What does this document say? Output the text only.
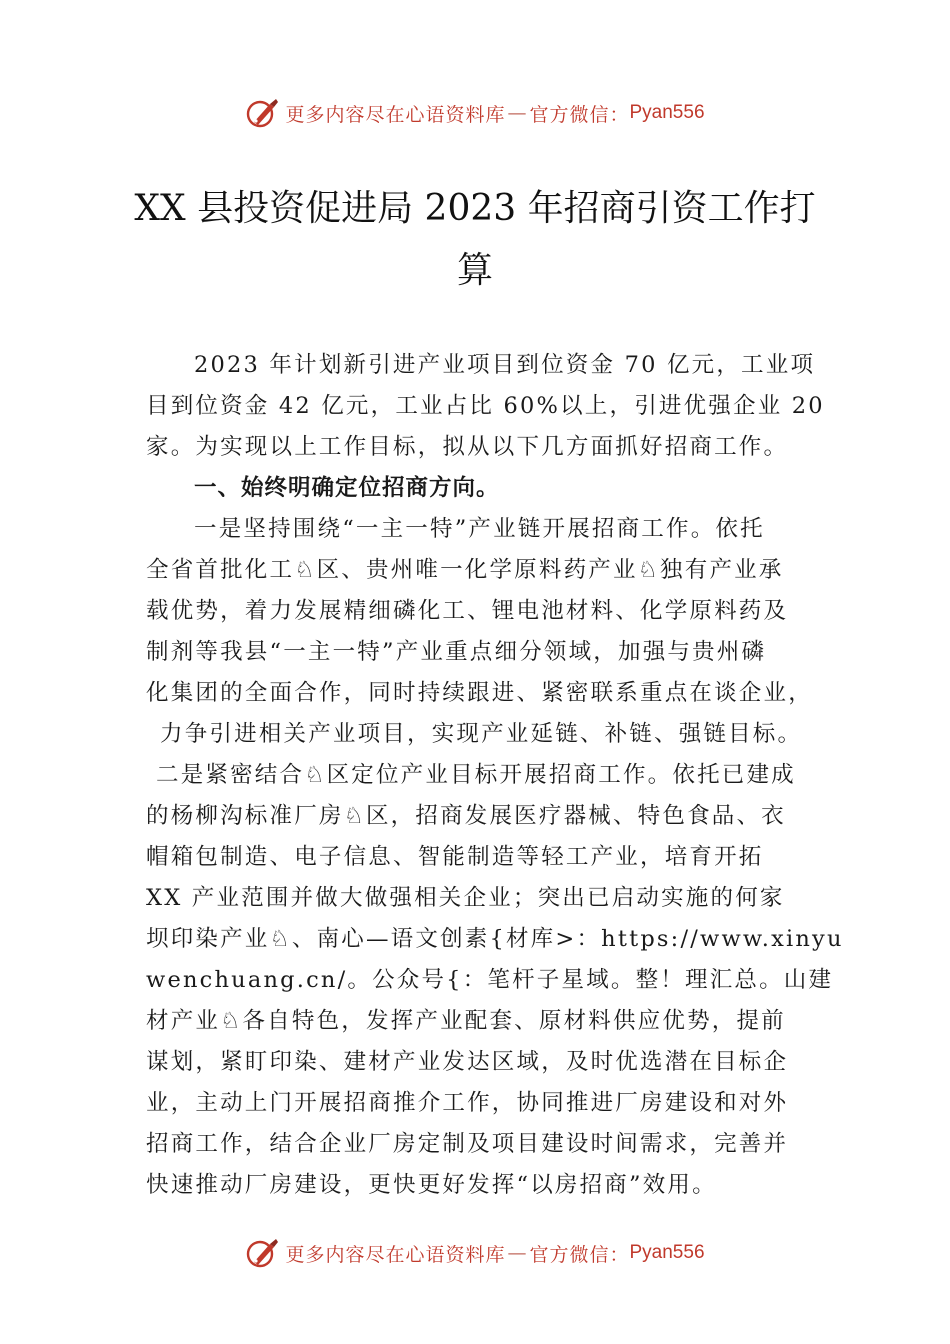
更多内容尽在心语资料库 — 官方微信： Pyan556
XX 县投资促进局 2023 年招商引资工作打
算
2023 年计划新引进产业项目到位资金 70 亿元，工业项
目到位资金 42 亿元，工业占比 60%以上，引进优强企业 20
家。为实现以上工作目标，拟从以下几方面抓好招商工作。
一、始终明确定位招商方向。
一是坚持围绕“一主一特”产业链开展招商工作。依托
全省首批化工♘区、贵州唯一化学原料药产业♘独有产业承
载优势，着力发展精细磷化工、锂电池材料、化学原料药及
制剂等我县“一主一特”产业重点细分领域，加强与贵州磷
化集团的全面合作，同时持续跟进、紧密联系重点在谈企业，
力争引进相关产业项目，实现产业延链、补链、强链目标。
二是紧密结合♘区定位产业目标开展招商工作。依托已建成
的杨柳沟标准厂房♘区，招商发展医疗器械、特色食品、衣
帽箱包制造、电子信息、智能制造等轻工产业，培育开拓
XX 产业范围并做大做强相关企业；突出已启动实施的何家
坝印染产业♘、南心—语文创素{材库>：https://www.xinyu
wenchuang.cn/。公众号{：笔杆子星域。整！理汇总。山建
材产业♘各自特色，发挥产业配套、原材料供应优势，提前
谋划，紧盯印染、建材产业发达区域，及时优选潜在目标企
业，主动上门开展招商推介工作，协同推进厂房建设和对外
招商工作，结合企业厂房定制及项目建设时间需求，完善并
快速推动厂房建设，更快更好发挥“以房招商”效用。
更多内容尽在心语资料库 — 官方微信： Pyan556
